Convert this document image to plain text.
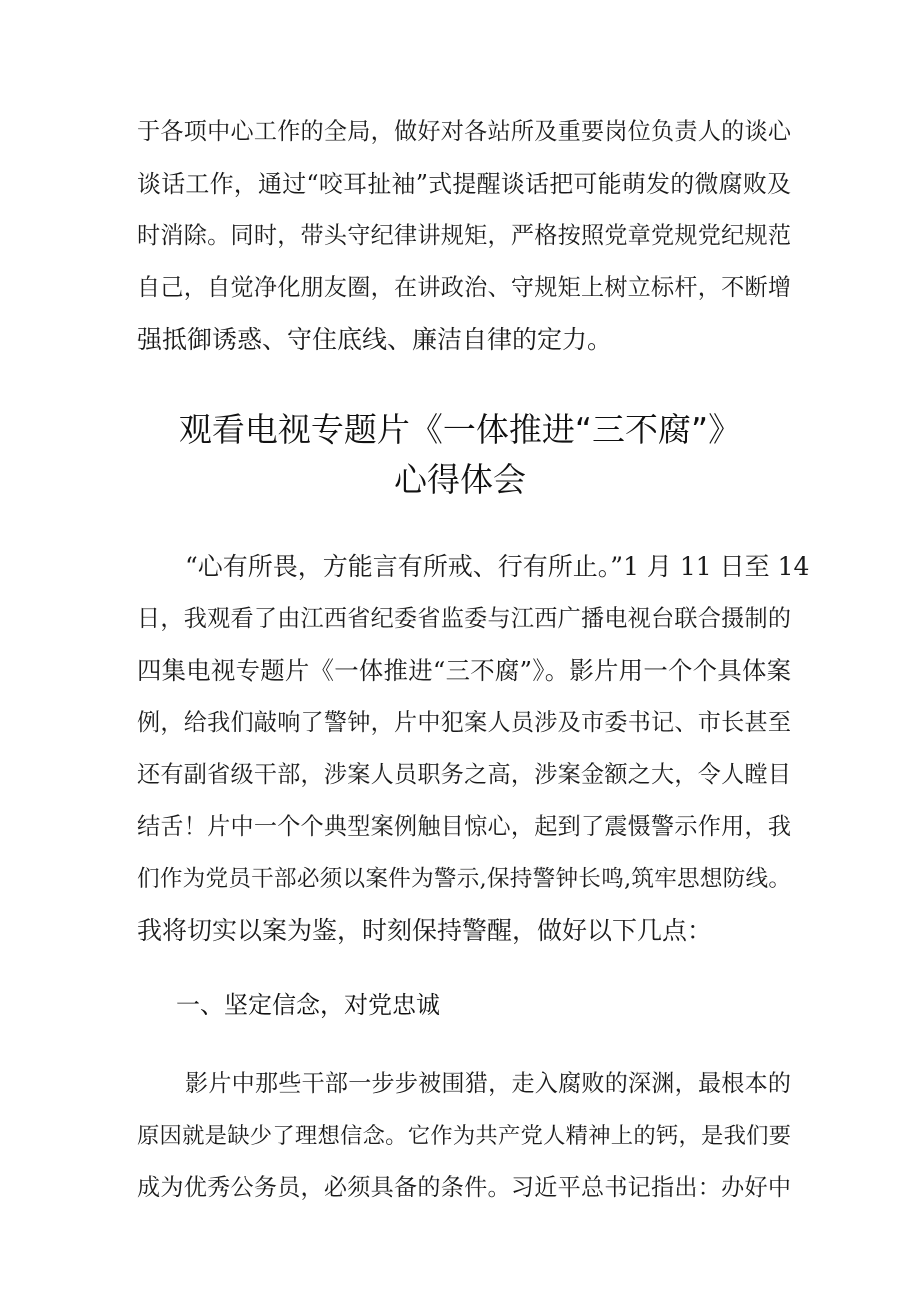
于各项中心工作的全局，做好对各站所及重要岗位负责人的谈心
谈话工作，通过“咬耳扯袖”式提醒谈话把可能萌发的微腐败及
时消除。同时，带头守纪律讲规矩，严格按照党章党规党纪规范
自己，自觉净化朋友圈，在讲政治、守规矩上树立标杆，不断增
强抵御诱惑、守住底线、廉洁自律的定力。
观看电视专题片《一体推进“三不腐”》
心得体会
“心有所畏，方能言有所戒、行有所止。”1 月 11 日至 14
日，我观看了由江西省纪委省监委与江西广播电视台联合摄制的
四集电视专题片《一体推进“三不腐”》。影片用一个个具体案
例，给我们敲响了警钟，片中犯案人员涉及市委书记、市长甚至
还有副省级干部，涉案人员职务之高，涉案金额之大，令人瞠目
结舌！片中一个个典型案例触目惊心，起到了震慑警示作用，我
们作为党员干部必须以案件为警示,保持警钟长鸣,筑牢思想防线。
我将切实以案为鉴，时刻保持警醒，做好以下几点：
一、坚定信念，对党忠诚
影片中那些干部一步步被围猎，走入腐败的深渊，最根本的
原因就是缺少了理想信念。它作为共产党人精神上的钙，是我们要
成为优秀公务员，必须具备的条件。习近平总书记指出：办好中
